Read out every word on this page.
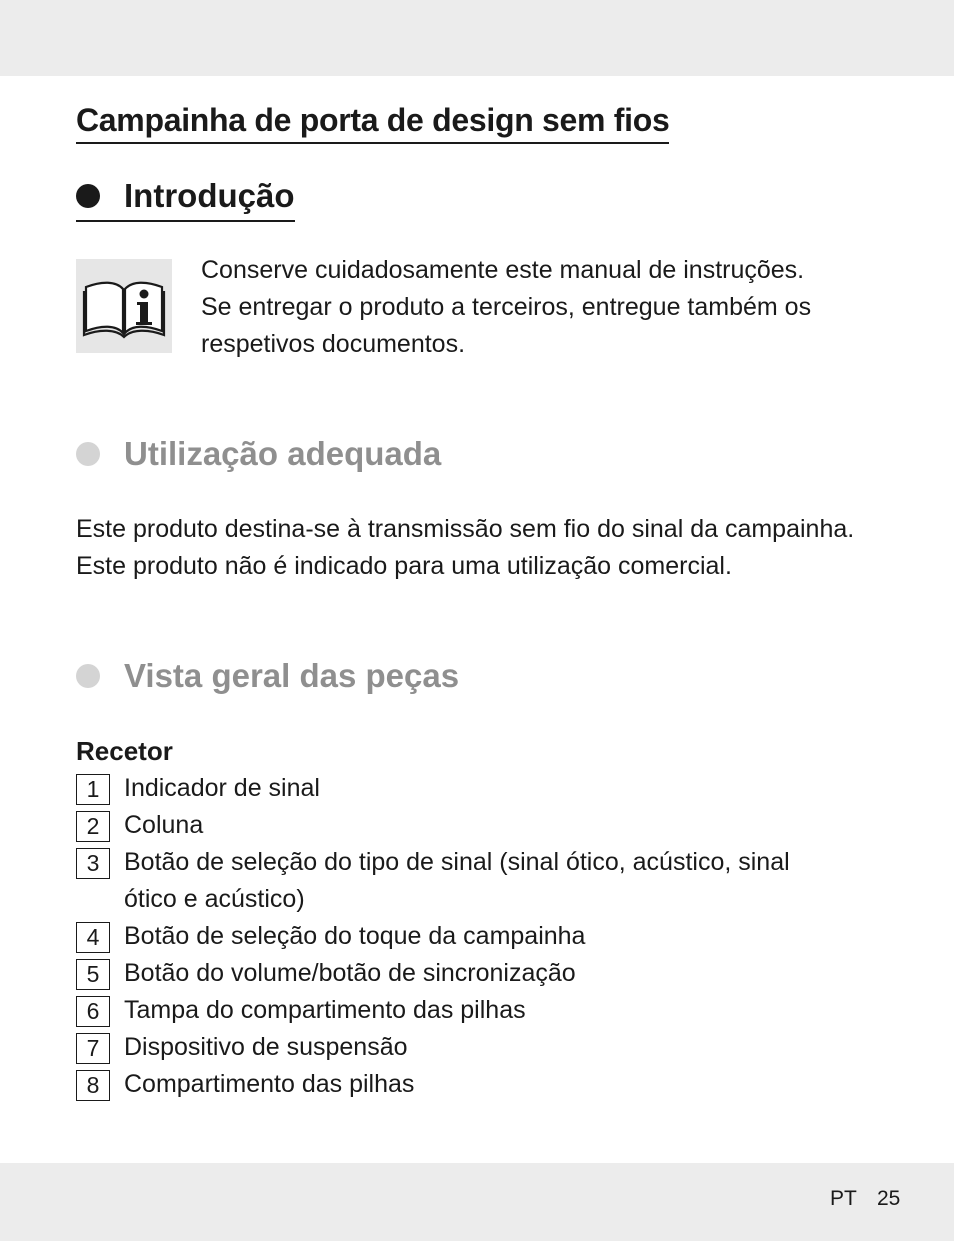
Campainha de porta de design sem fios
Introdução
Conserve cuidadosamente este manual de instruções.
Se entregar o produto a terceiros, entregue também os
respetivos documentos.
Utilização adequada
Este produto destina-se à transmissão sem fio do sinal da campainha.
Este produto não é indicado para uma utilização comercial.
Vista geral das peças
Recetor
1 Indicador de sinal
2 Coluna
3 Botão de seleção do tipo de sinal (sinal ótico, acústico, sinal ótico e acústico)
4 Botão de seleção do toque da campainha
5 Botão do volume/botão de sincronização
6 Tampa do compartimento das pilhas
7 Dispositivo de suspensão
8 Compartimento das pilhas
PT 25
